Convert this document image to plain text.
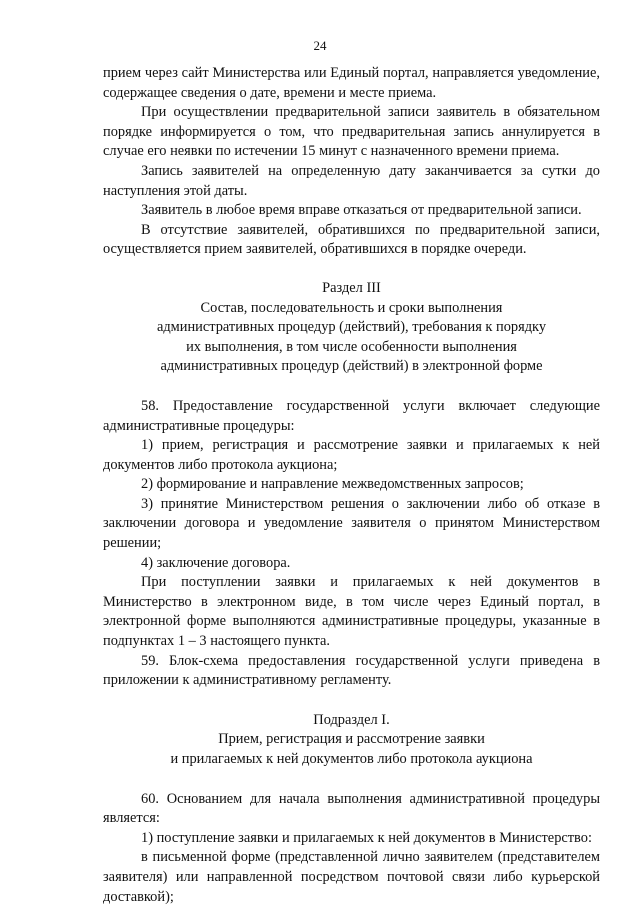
24

прием через сайт Министерства или Единый портал, направляется уведомление, содержащее сведения о дате, времени и месте приема.

При осуществлении предварительной записи заявитель в обязательном порядке информируется о том, что предварительная запись аннулируется в случае его неявки по истечении 15 минут с назначенного времени приема.

Запись заявителей на определенную дату заканчивается за сутки до наступления этой даты.

Заявитель в любое время вправе отказаться от предварительной записи.

В отсутствие заявителей, обратившихся по предварительной записи, осуществляется прием заявителей, обратившихся в порядке очереди.

Раздел III

Состав, последовательность и сроки выполнения

административных процедур (действий), требования к порядку

их выполнения, в том числе особенности выполнения

административных процедур (действий) в электронной форме

58. Предоставление государственной услуги включает следующие административные процедуры:

1) прием, регистрация и рассмотрение заявки и прилагаемых к ней документов либо протокола аукциона;

2) формирование и направление межведомственных запросов;

3) принятие Министерством решения о заключении либо об отказе в заключении договора и уведомление заявителя о принятом Министерством решении;

4) заключение договора.

При поступлении заявки и прилагаемых к ней документов в Министерство в электронном виде, в том числе через Единый портал, в электронной форме выполняются административные процедуры, указанные в подпунктах 1 – 3 настоящего пункта.

59. Блок-схема предоставления государственной услуги приведена в приложении к административному регламенту.

Подраздел I.

Прием, регистрация и рассмотрение заявки

и прилагаемых к ней документов либо протокола аукциона

60. Основанием для начала выполнения административной процедуры является:

1) поступление заявки и прилагаемых к ней документов в Министерство:

в письменной форме (представленной лично заявителем (представителем заявителя) или направленной посредством почтовой связи либо курьерской доставкой);
